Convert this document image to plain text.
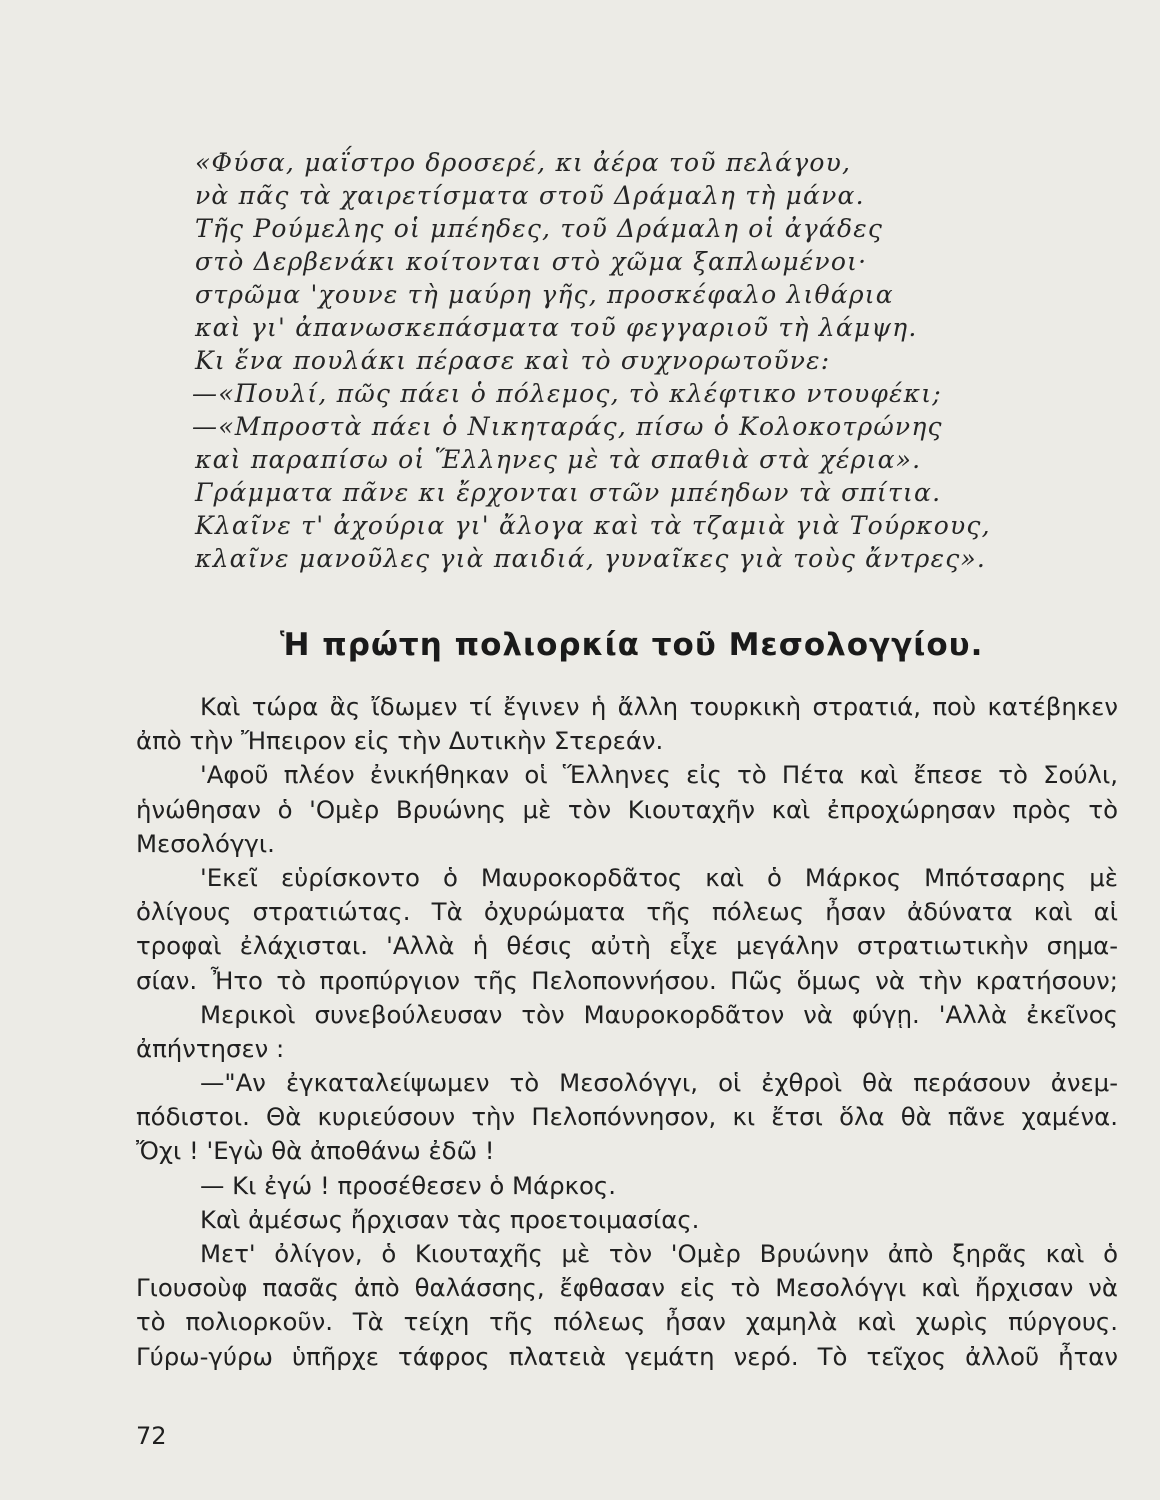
«Φύσα, μαΐστρο δροσερέ, κι ἀέρα τοῦ πελάγου,
νὰ πᾶς τὰ χαιρετίσματα στοῦ Δράμαλη τὴ μάνα.
Τῆς Ρούμελης οἱ μπέηδες, τοῦ Δράμαλη οἱ ἀγάδες
στὸ Δερβενάκι κοίτονται στὸ χῶμα ξαπλωμένοι·
στρῶμα 'χουνε τὴ μαύρη γῆς, προσκέφαλο λιθάρια
καὶ γι' ἀπανωσκεπάσματα τοῦ φεγγαριοῦ τὴ λάμψη.
Κι ἕνα πουλάκι πέρασε καὶ τὸ συχνορωτοῦνε:
—«Πουλί, πῶς πάει ὁ πόλεμος, τὸ κλέφτικο ντουφέκι;
—«Μπροστὰ πάει ὁ Νικηταράς, πίσω ὁ Κολοκοτρώνης
καὶ παραπίσω οἱ Ἕλληνες μὲ τὰ σπαθιὰ στὰ χέρια».
Γράμματα πᾶνε κι ἔρχονται στῶν μπέηδων τὰ σπίτια.
Κλαῖνε τ' ἀχούρια γι' ἄλογα καὶ τὰ τζαμιὰ γιὰ Τούρκους,
κλαῖνε μανοῦλες γιὰ παιδιά, γυναῖκες γιὰ τοὺς ἄντρες».
Ἡ πρώτη πολιορκία τοῦ Μεσολογγίου.
Καὶ τώρα ἂς ἴδωμεν τί ἔγινεν ἡ ἄλλη τουρκικὴ στρατιά, ποὺ κατέβηκεν
ἀπὸ τὴν Ἤπειρον εἰς τὴν Δυτικὴν Στερεάν.
'Αφοῦ πλέον ἐνικήθηκαν οἱ Ἕλληνες εἰς τὸ Πέτα καὶ ἔπεσε τὸ Σούλι,
ἡνώθησαν ὁ 'Ομὲρ Βρυώνης μὲ τὸν Κιουταχῆν καὶ ἐπροχώρησαν πρὸς τὸ
Μεσολόγγι.
'Εκεῖ εὑρίσκοντο ὁ Μαυροκορδᾶτος καὶ ὁ Μάρκος Μπότσαρης μὲ
ὀλίγους στρατιώτας. Τὰ ὀχυρώματα τῆς πόλεως ἦσαν ἀδύνατα καὶ αἱ
τροφαὶ ἐλάχισται. 'Αλλὰ ἡ θέσις αὐτὴ εἶχε μεγάλην στρατιωτικὴν σημα-
σίαν. Ἦτο τὸ προπύργιον τῆς Πελοποννήσου. Πῶς ὅμως νὰ τὴν κρατήσουν;
Μερικοὶ συνεβούλευσαν τὸν Μαυροκορδᾶτον νὰ φύγῃ. 'Αλλὰ ἐκεῖνος
ἀπήντησεν :
—"Αν ἐγκαταλείψωμεν τὸ Μεσολόγγι, οἱ ἐχθροὶ θὰ περάσουν ἀνεμ-
πόδιστοι. Θὰ κυριεύσουν τὴν Πελοπόννησον, κι ἔτσι ὅλα θὰ πᾶνε χαμένα.
Ὄχι ! 'Εγὼ θὰ ἀποθάνω ἐδῶ !
— Κι ἐγώ ! προσέθεσεν ὁ Μάρκος.
Καὶ ἀμέσως ἤρχισαν τὰς προετοιμασίας.
Μετ' ὀλίγον, ὁ Κιουταχῆς μὲ τὸν 'Ομὲρ Βρυώνην ἀπὸ ξηρᾶς καὶ ὁ
Γιουσοὺφ πασᾶς ἀπὸ θαλάσσης, ἔφθασαν εἰς τὸ Μεσολόγγι καὶ ἤρχισαν νὰ
τὸ πολιορκοῦν. Τὰ τείχη τῆς πόλεως ἦσαν χαμηλὰ καὶ χωρὶς πύργους.
Γύρω-γύρω ὑπῆρχε τάφρος πλατειὰ γεμάτη νερό. Τὸ τεῖχος ἀλλοῦ ἦταν
72
